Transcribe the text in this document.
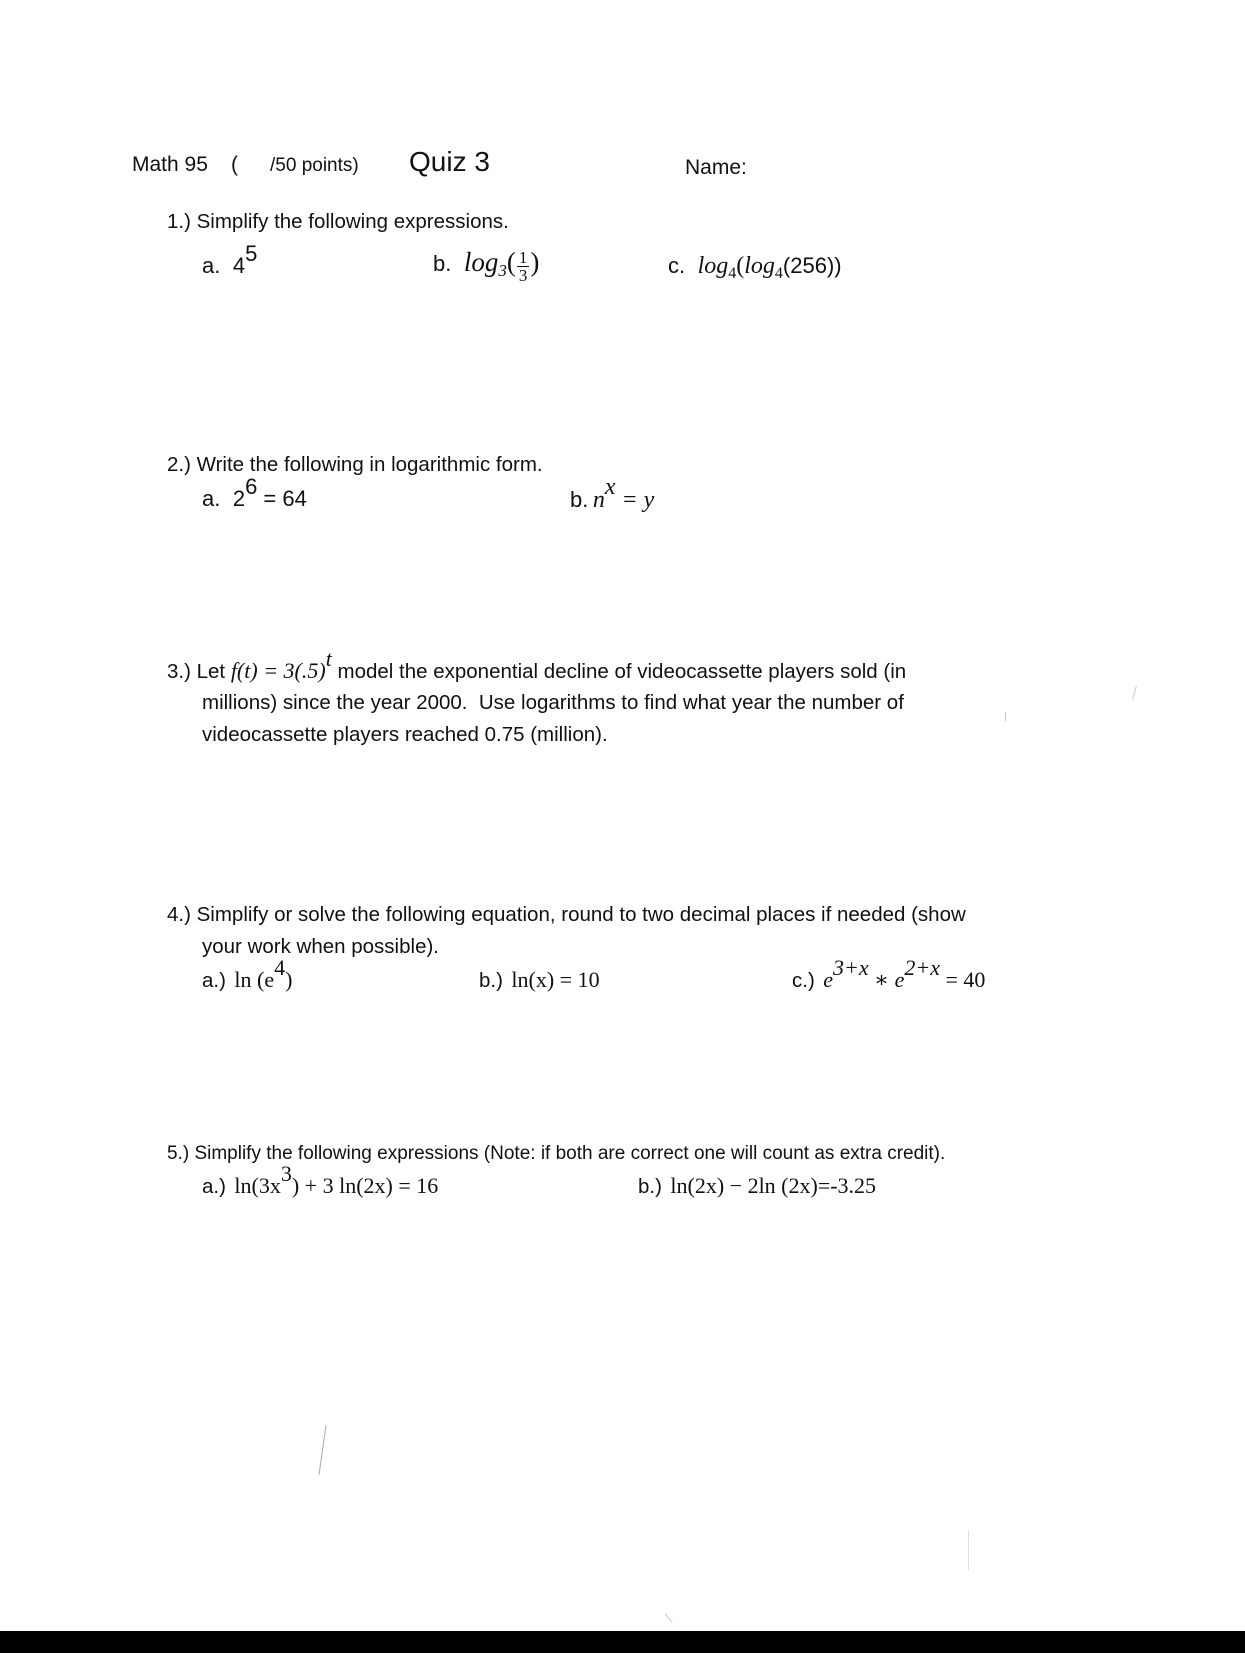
Math 95 ( /50 points) Quiz 3	Name:
1.) Simplify the following expressions.
a. $4^5$	b. $\log_3( \frac{1}{3}$ )	c. $\log_4(\log_4(256))$
2.) Write the following in logarithmic form.
a. $2^6 = 64$	b. $n^x = y$
3.) Let $f(t) = 3(.5)^t$ model the exponential decline of videocassette players sold (in
millions) since the year 2000.  Use logarithms to find what year the number of
videocassette players reached 0.75 (million).
4.) Simplify or solve the following equation, round to two decimal places if needed (show
your work when possible).
a.) $\ln (e^4)$	b.) ln(x) = 10	c.) $e^{3+x}$ ∗ $e^{2+x} = 40$
5.) Simplify the following expressions (Note: if both are correct one will count as extra credit).
a.) $\ln(3x^3) + 3$ ln(2x) = 16	b.) ln(2x) − 2ln (2x)=-3.25
